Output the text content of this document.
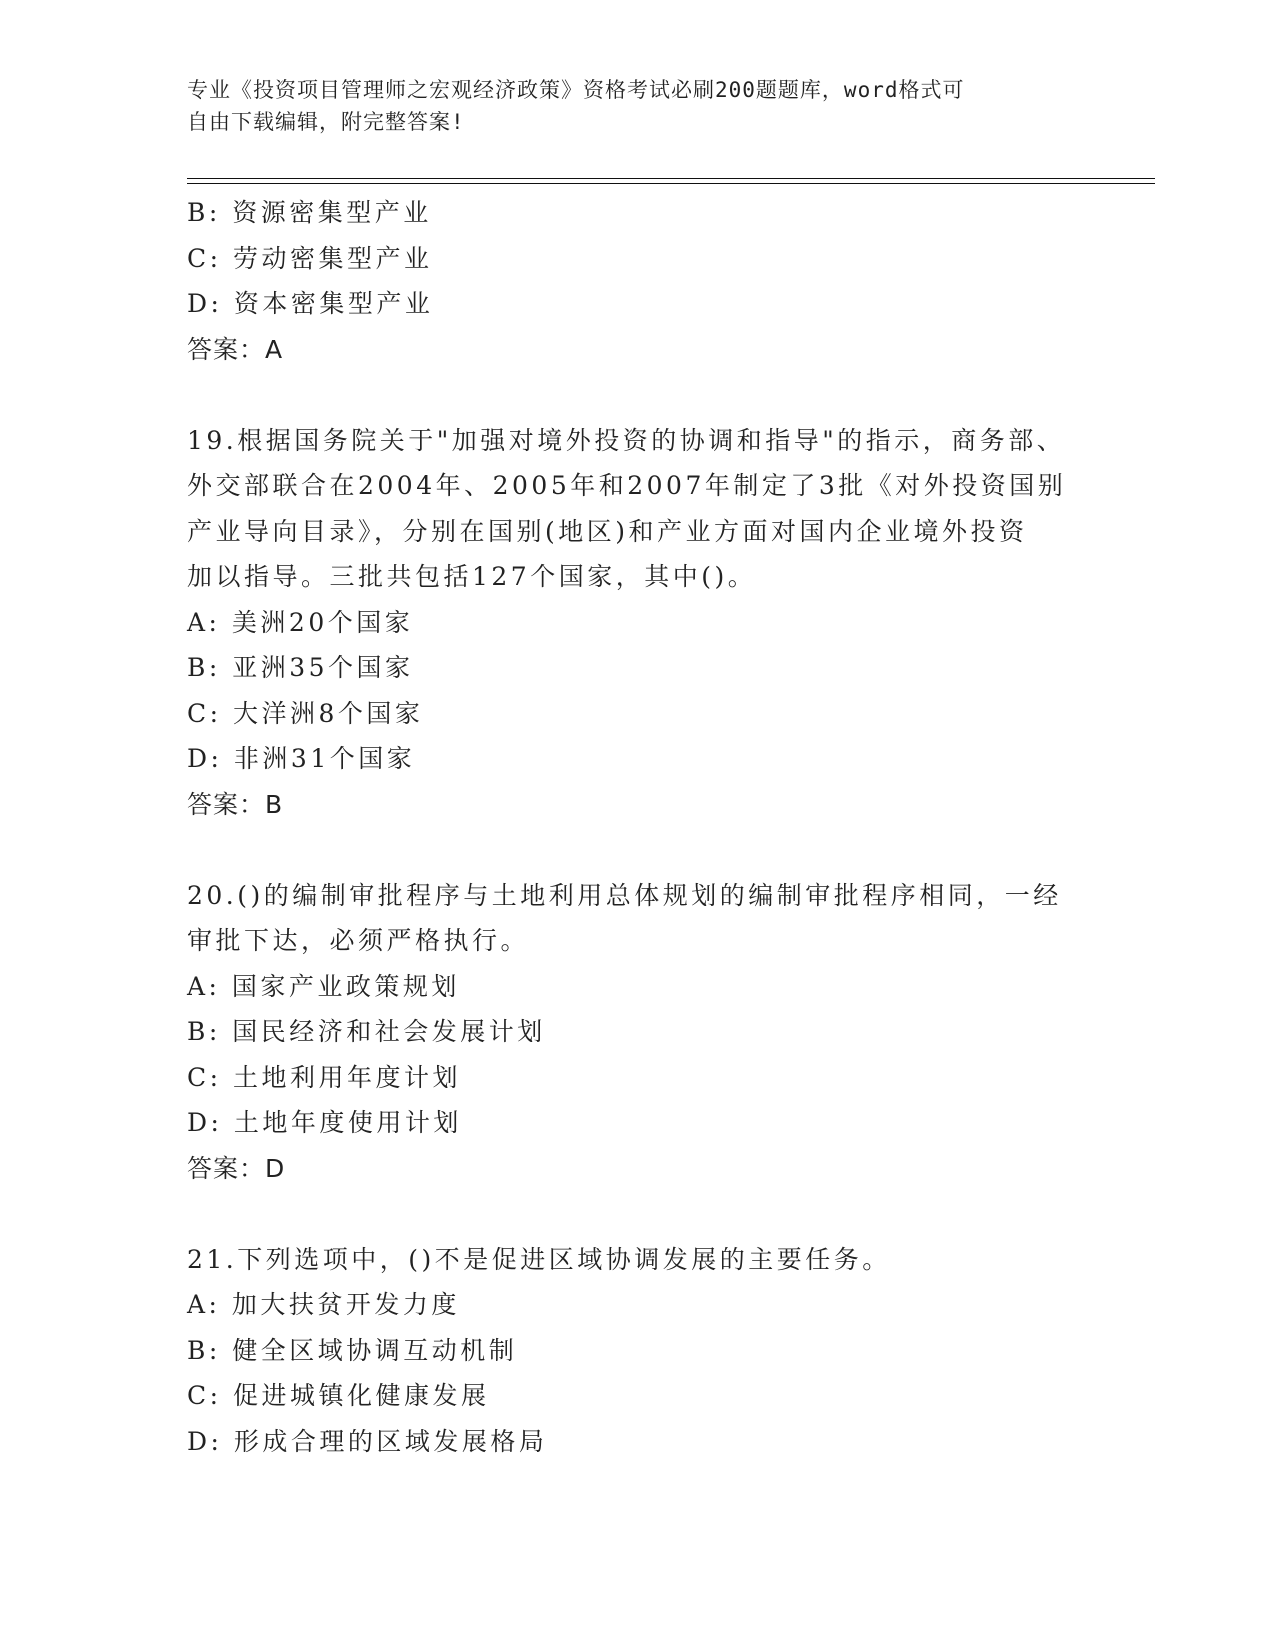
专业《投资项目管理师之宏观经济政策》资格考试必刷200题题库，word格式可
自由下载编辑，附完整答案!
B: 资源密集型产业
C: 劳动密集型产业
D: 资本密集型产业
答案：A
19.根据国务院关于"加强对境外投资的协调和指导"的指示，商务部、
外交部联合在2004年、2005年和2007年制定了3批《对外投资国别
产业导向目录》，分别在国别(地区)和产业方面对国内企业境外投资
加以指导。三批共包括127个国家，其中()。
A: 美洲20个国家
B: 亚洲35个国家
C: 大洋洲8个国家
D: 非洲31个国家
答案：B
20.()的编制审批程序与土地利用总体规划的编制审批程序相同，一经
审批下达，必须严格执行。
A: 国家产业政策规划
B: 国民经济和社会发展计划
C: 土地利用年度计划
D: 土地年度使用计划
答案：D
21.下列选项中，()不是促进区域协调发展的主要任务。
A: 加大扶贫开发力度
B: 健全区域协调互动机制
C: 促进城镇化健康发展
D: 形成合理的区域发展格局
